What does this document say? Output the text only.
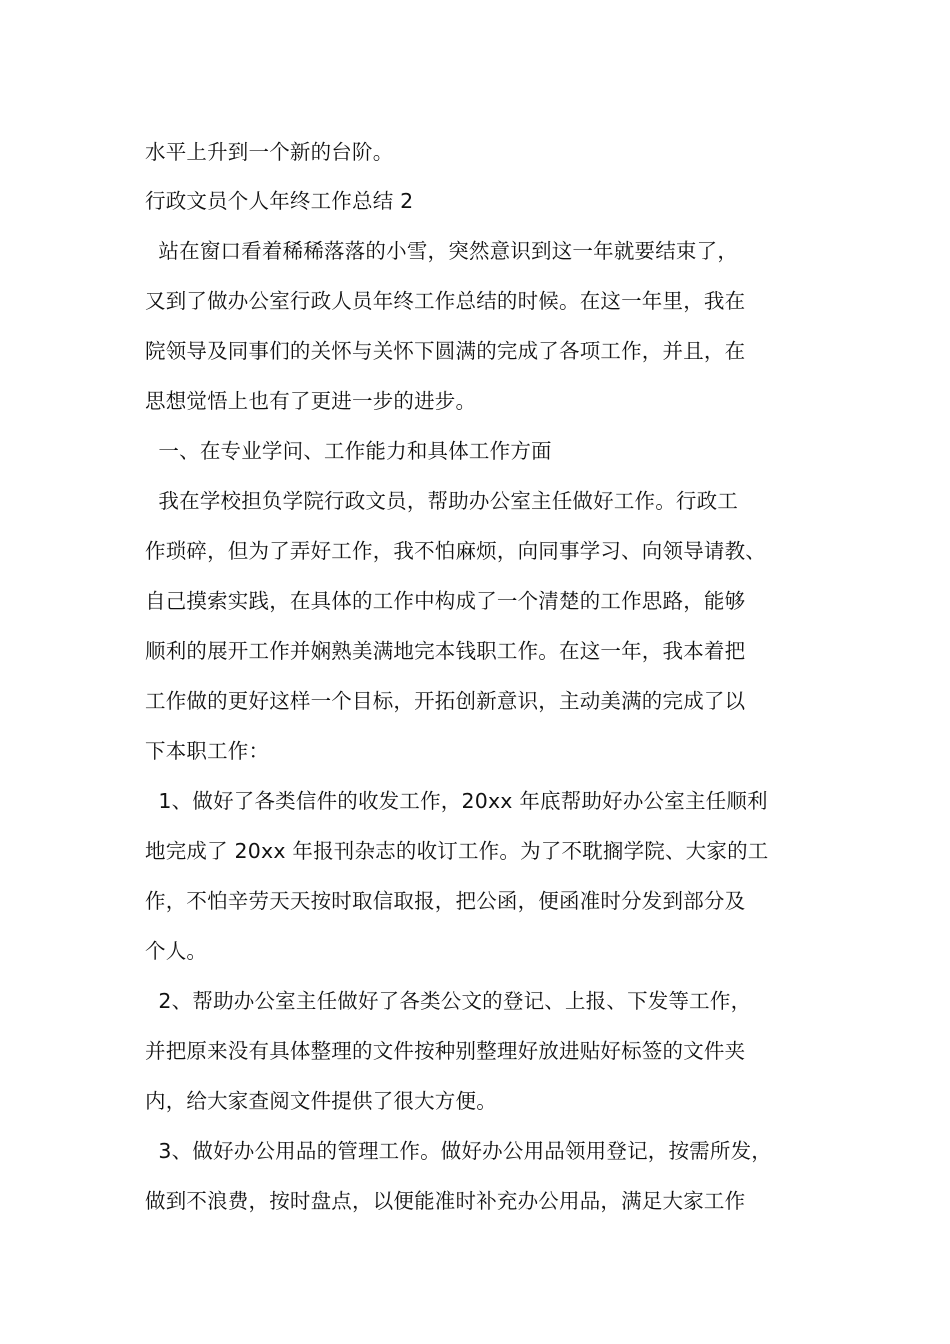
水平上升到一个新的台阶。
行政文员个人年终工作总结 2
站在窗口看着稀稀落落的小雪，突然意识到这一年就要结束了，
又到了做办公室行政人员年终工作总结的时候。在这一年里，我在
院领导及同事们的关怀与关怀下圆满的完成了各项工作，并且，在
思想觉悟上也有了更进一步的进步。
一、在专业学问、工作能力和具体工作方面
我在学校担负学院行政文员，帮助办公室主任做好工作。行政工
作琐碎，但为了弄好工作，我不怕麻烦，向同事学习、向领导请教、
自己摸索实践，在具体的工作中构成了一个清楚的工作思路，能够
顺利的展开工作并娴熟美满地完本钱职工作。在这一年，我本着把
工作做的更好这样一个目标，开拓创新意识，主动美满的完成了以
下本职工作：
1、做好了各类信件的收发工作，20xx 年底帮助好办公室主任顺利
地完成了 20xx 年报刊杂志的收订工作。为了不耽搁学院、大家的工
作，不怕辛劳天天按时取信取报，把公函，便函准时分发到部分及
个人。
2、帮助办公室主任做好了各类公文的登记、上报、下发等工作，
并把原来没有具体整理的文件按种别整理好放进贴好标签的文件夹
内，给大家查阅文件提供了很大方便。
3、做好办公用品的管理工作。做好办公用品领用登记，按需所发，
做到不浪费，按时盘点，以便能准时补充办公用品，满足大家工作
